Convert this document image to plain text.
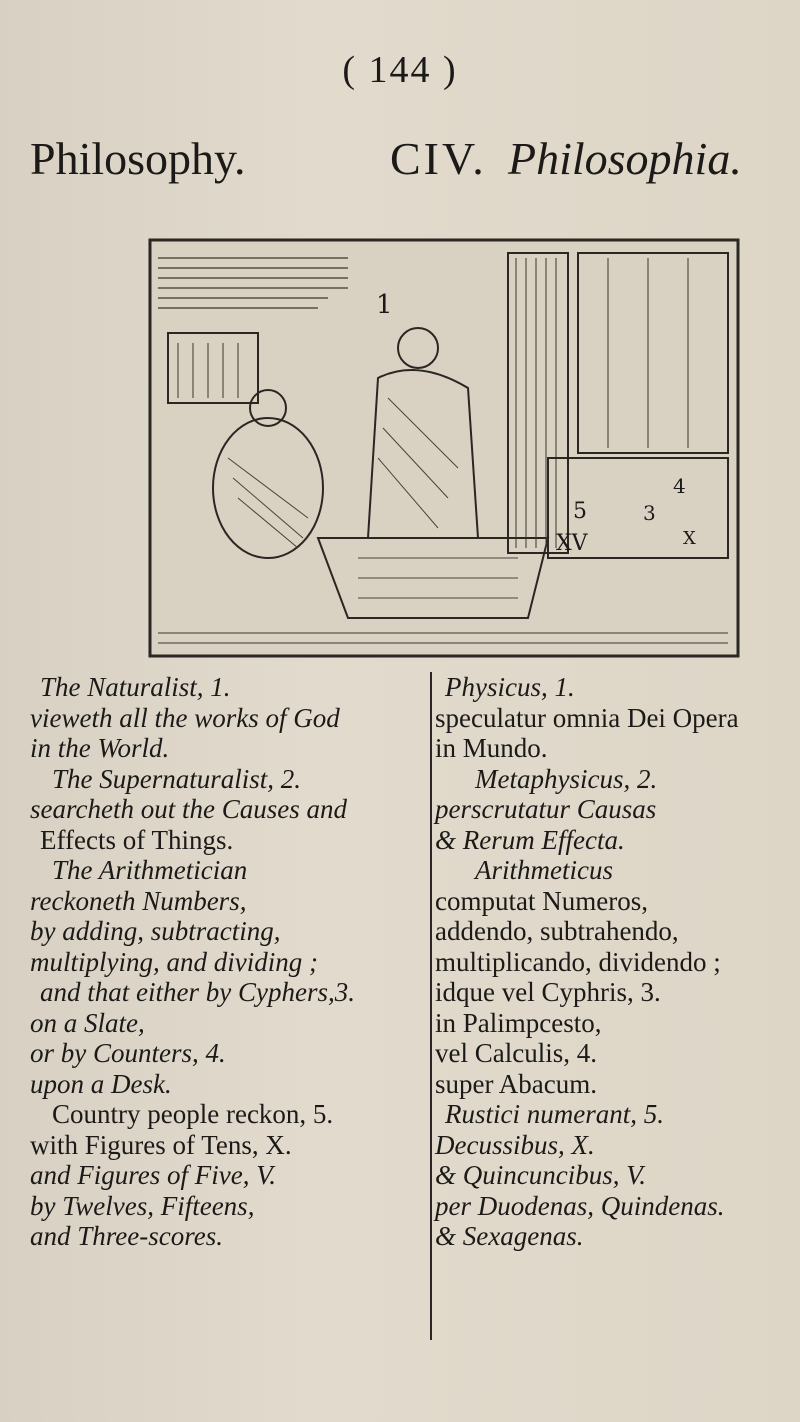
( 144 )
Philosophy.	CIV. Philosophia.
1
4
5	3
XV	X
The Naturalist, 1.
vieweth all the works of God
in the World.
The Supernaturalist, 2.
searcheth out the Causes and
Effects of Things.
The Arithmetician
reckoneth Numbers,
by adding, subtracting,
multiplying, and dividing ;
and that either by Cyphers,3.
on a Slate,
or by Counters, 4.
upon a Desk.
Country people reckon, 5.
with Figures of Tens, X.
and Figures of Five, V.
by Twelves, Fifteens,
and Three-scores.
Physicus, 1.
speculatur omnia Dei Opera
in Mundo.
Metaphysicus, 2.
perscrutatur Causas
& Rerum Effecta.
Arithmeticus
computat Numeros,
addendo, subtrahendo,
multiplicando, dividendo ;
idque vel Cyphris, 3.
in Palimpcesto,
vel Calculis, 4.
super Abacum.
Rustici numerant, 5.
Decussibus, X.
& Quincuncibus, V.
per Duodenas, Quindenas.
& Sexagenas.
